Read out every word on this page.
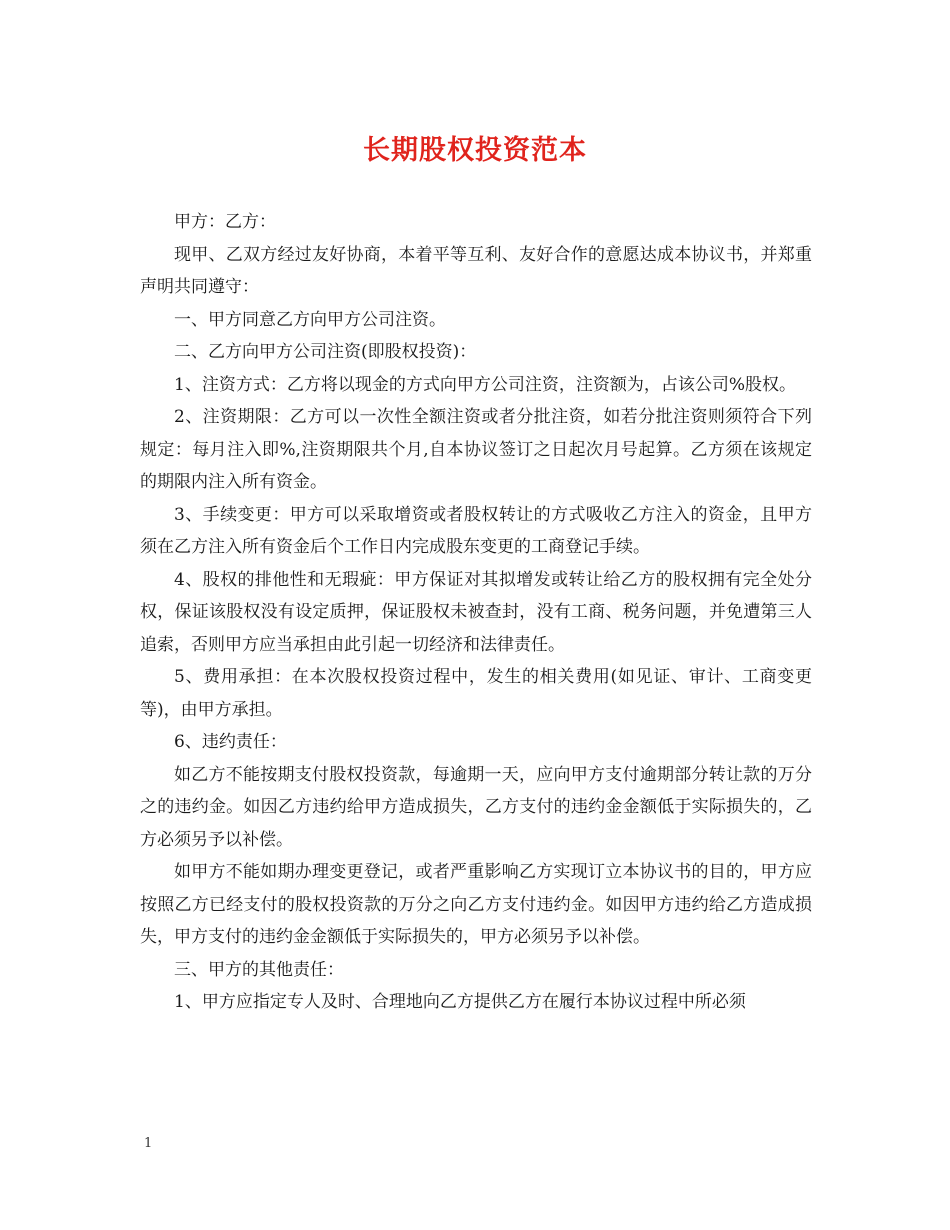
长期股权投资范本

甲方：乙方：

现甲、乙双方经过友好协商，本着平等互利、友好合作的意愿达成本协议书，并郑重声明共同遵守：

一、甲方同意乙方向甲方公司注资。

二、乙方向甲方公司注资(即股权投资)：

1、注资方式：乙方将以现金的方式向甲方公司注资，注资额为，占该公司%股权。

2、注资期限：乙方可以一次性全额注资或者分批注资，如若分批注资则须符合下列规定：每月注入即%,注资期限共个月,自本协议签订之日起次月号起算。乙方须在该规定的期限内注入所有资金。

3、手续变更：甲方可以采取增资或者股权转让的方式吸收乙方注入的资金，且甲方须在乙方注入所有资金后个工作日内完成股东变更的工商登记手续。

4、股权的排他性和无瑕疵：甲方保证对其拟增发或转让给乙方的股权拥有完全处分权，保证该股权没有设定质押，保证股权未被查封，没有工商、税务问题，并免遭第三人追索，否则甲方应当承担由此引起一切经济和法律责任。

5、费用承担：在本次股权投资过程中，发生的相关费用(如见证、审计、工商变更等)，由甲方承担。

6、违约责任：

如乙方不能按期支付股权投资款，每逾期一天，应向甲方支付逾期部分转让款的万分之的违约金。如因乙方违约给甲方造成损失，乙方支付的违约金金额低于实际损失的，乙方必须另予以补偿。

如甲方不能如期办理变更登记，或者严重影响乙方实现订立本协议书的目的，甲方应按照乙方已经支付的股权投资款的万分之向乙方支付违约金。如因甲方违约给乙方造成损失，甲方支付的违约金金额低于实际损失的，甲方必须另予以补偿。

三、甲方的其他责任：

1、甲方应指定专人及时、合理地向乙方提供乙方在履行本协议过程中所必须

1
